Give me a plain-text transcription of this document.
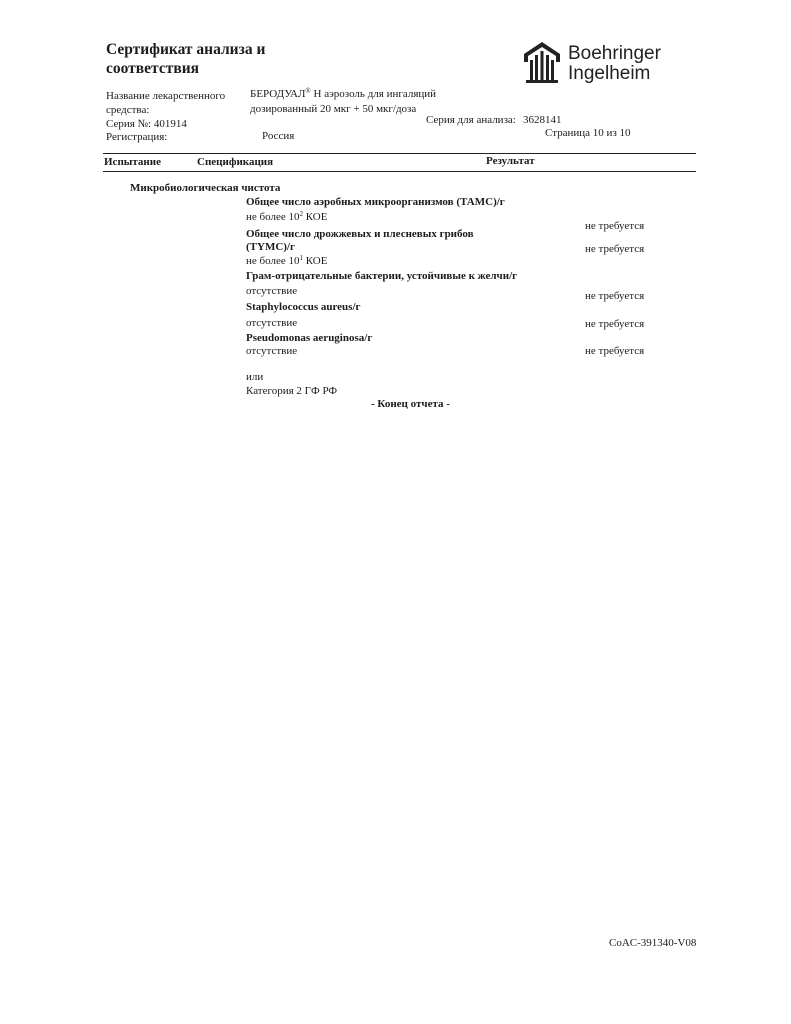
Сертификат анализа и
соответствия
Boehringer
Ingelheim
Название лекарственного
средства:
БЕРОДУАЛ® Н аэрозоль для ингаляций
дозированный 20 мкг + 50 мкг/доза
Серия №: 401914	Серия для анализа: 3628141
Регистрация:	Россия	Страница 10 из 10
Испытание	Спецификация	Результат
Микробиологическая чистота
Общее число аэробных микроорганизмов (ТАМС)/г
не более $10^2$ КОЕ
не требуется
Общее число дрожжевых и плесневых грибов
(ТYMC)/г
не более $10^1$ КОЕ
не требуется
Грам-отрицательные бактерии, устойчивые к желчи/г
отсутствие	не требуется
Staphylococcus aureus/г
отсутствие	не требуется
Pseudomonas aeruginosa/г
отсутствие	не требуется
или
Категория 2 ГФ РФ
- Конец отчета -
CoAC-391340-V08
